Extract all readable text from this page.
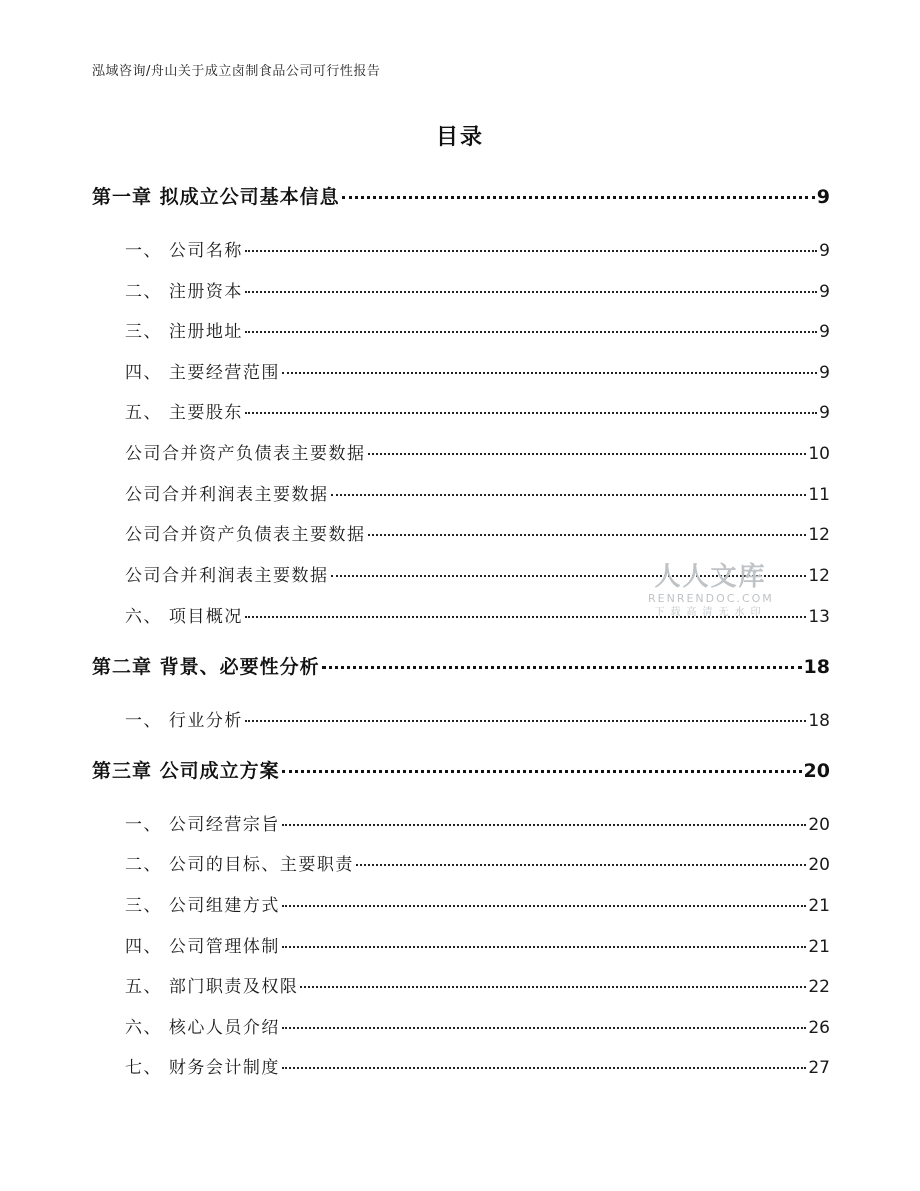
泓域咨询/舟山关于成立卤制食品公司可行性报告
目录
第一章 拟成立公司基本信息	9
一、 公司名称	9
二、 注册资本	9
三、 注册地址	9
四、 主要经营范围	9
五、 主要股东	9
公司合并资产负债表主要数据	10
公司合并利润表主要数据	11
公司合并资产负债表主要数据	12
公司合并利润表主要数据	12
六、 项目概况	13
第二章 背景、必要性分析	18
一、 行业分析	18
第三章 公司成立方案	20
一、 公司经营宗旨	20
二、 公司的目标、主要职责	20
三、 公司组建方式	21
四、 公司管理体制	21
五、 部门职责及权限	22
六、 核心人员介绍	26
七、 财务会计制度	27
人人文库
RENRENDOC.COM
下载高清无水印
